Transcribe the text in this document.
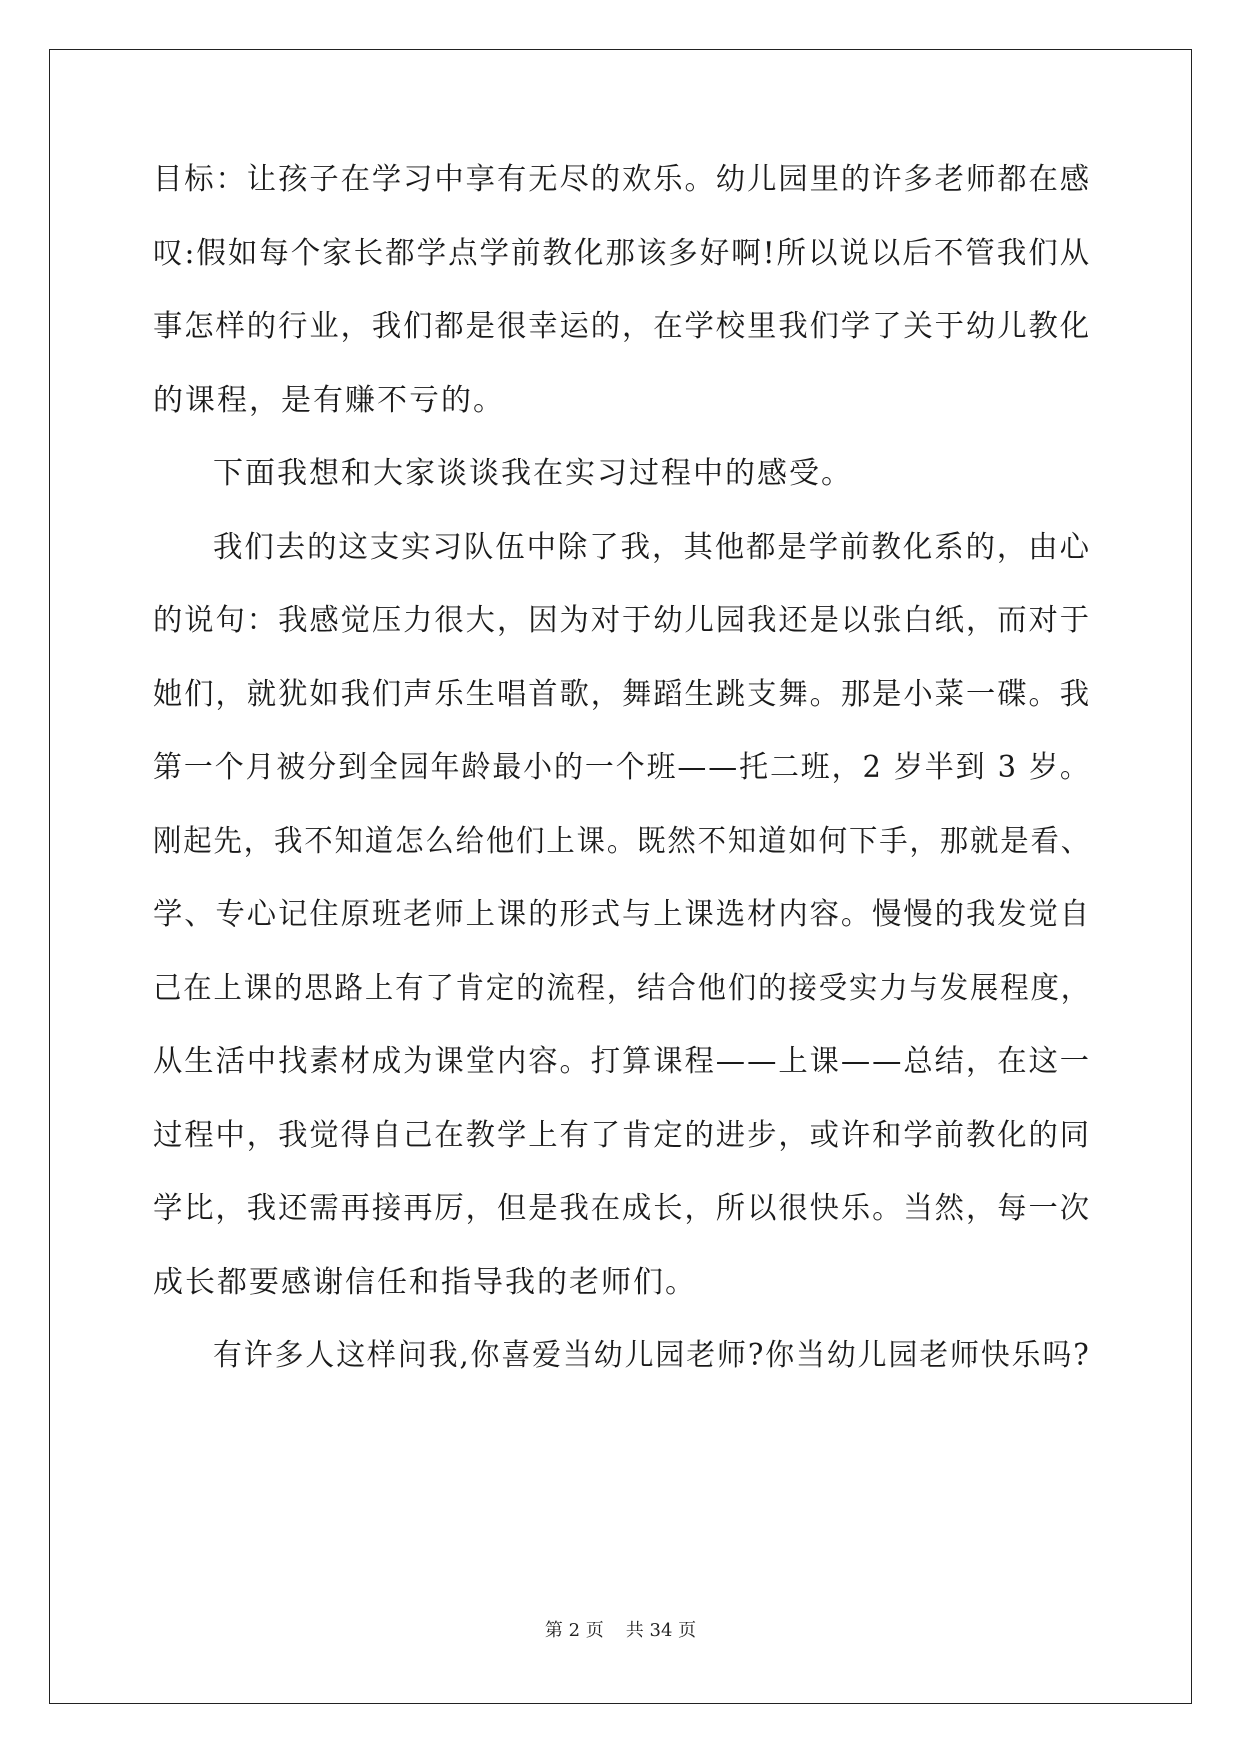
目标：让孩子在学习中享有无尽的欢乐。幼儿园里的许多老师都在感
叹:假如每个家长都学点学前教化那该多好啊!所以说以后不管我们从
事怎样的行业，我们都是很幸运的，在学校里我们学了关于幼儿教化
的课程，是有赚不亏的。
下面我想和大家谈谈我在实习过程中的感受。
我们去的这支实习队伍中除了我，其他都是学前教化系的，由心
的说句：我感觉压力很大，因为对于幼儿园我还是以张白纸，而对于
她们，就犹如我们声乐生唱首歌，舞蹈生跳支舞。那是小菜一碟。我
第一个月被分到全园年龄最小的一个班——托二班，2 岁半到 3 岁。
刚起先，我不知道怎么给他们上课。既然不知道如何下手，那就是看、
学、专心记住原班老师上课的形式与上课选材内容。慢慢的我发觉自
己在上课的思路上有了肯定的流程，结合他们的接受实力与发展程度，
从生活中找素材成为课堂内容。打算课程——上课——总结，在这一
过程中，我觉得自己在教学上有了肯定的进步，或许和学前教化的同
学比，我还需再接再厉，但是我在成长，所以很快乐。当然，每一次
成长都要感谢信任和指导我的老师们。
有许多人这样问我,你喜爱当幼儿园老师?你当幼儿园老师快乐吗?
第 2 页 共 34 页
